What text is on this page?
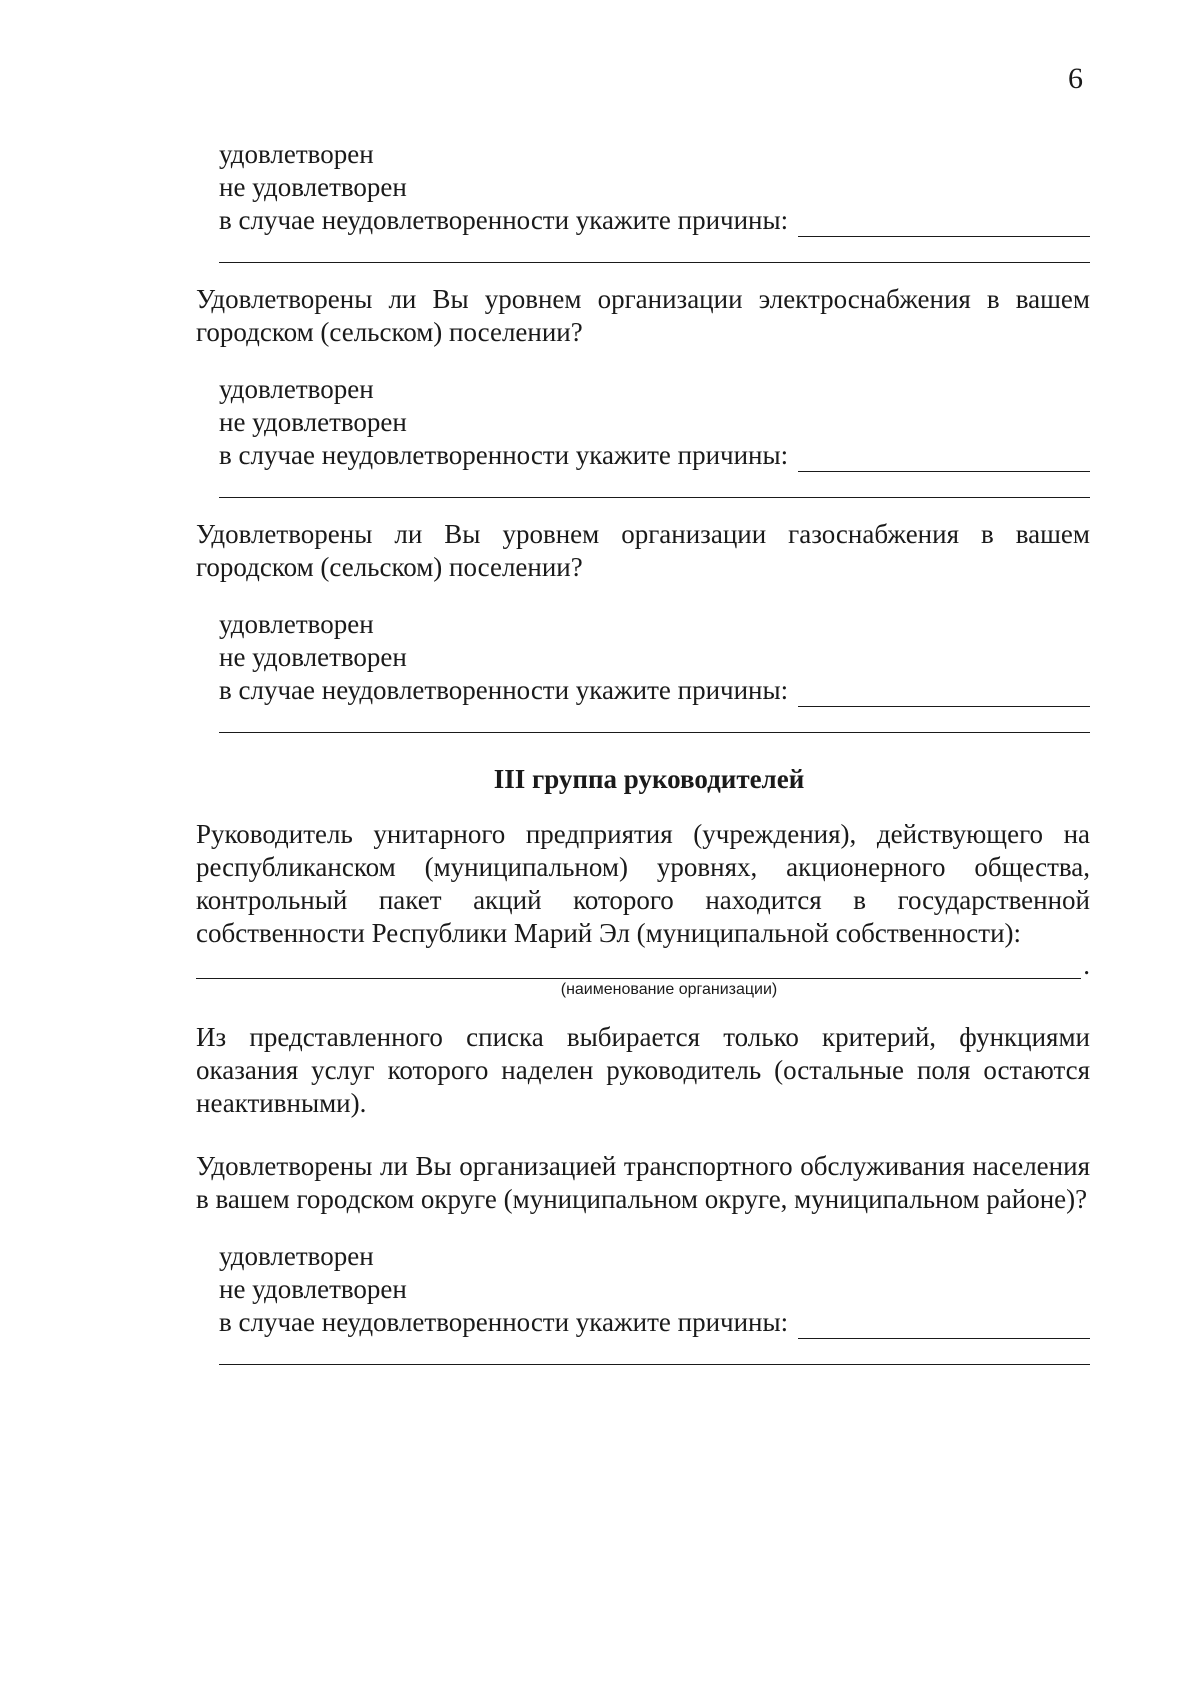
6
удовлетворен
не удовлетворен
в случае неудовлетворенности укажите причины:

Удовлетворены ли Вы уровнем организации электроснабжения в вашем городском (сельском) поселении?

удовлетворен
не удовлетворен
в случае неудовлетворенности укажите причины:

Удовлетворены ли Вы уровнем организации газоснабжения в вашем городском (сельском) поселении?

удовлетворен
не удовлетворен
в случае неудовлетворенности укажите причины:

III группа руководителей

Руководитель унитарного предприятия (учреждения), действующего на республиканском (муниципальном) уровнях, акционерного общества, контрольный пакет акций которого находится в государственной собственности Республики Марий Эл (муниципальной собственности):

.
(наименование организации)

Из представленного списка выбирается только критерий, функциями оказания услуг которого наделен руководитель (остальные поля остаются неактивными).

Удовлетворены ли Вы организацией транспортного обслуживания населения в вашем городском округе (муниципальном округе, муниципальном районе)?

удовлетворен
не удовлетворен
в случае неудовлетворенности укажите причины:
